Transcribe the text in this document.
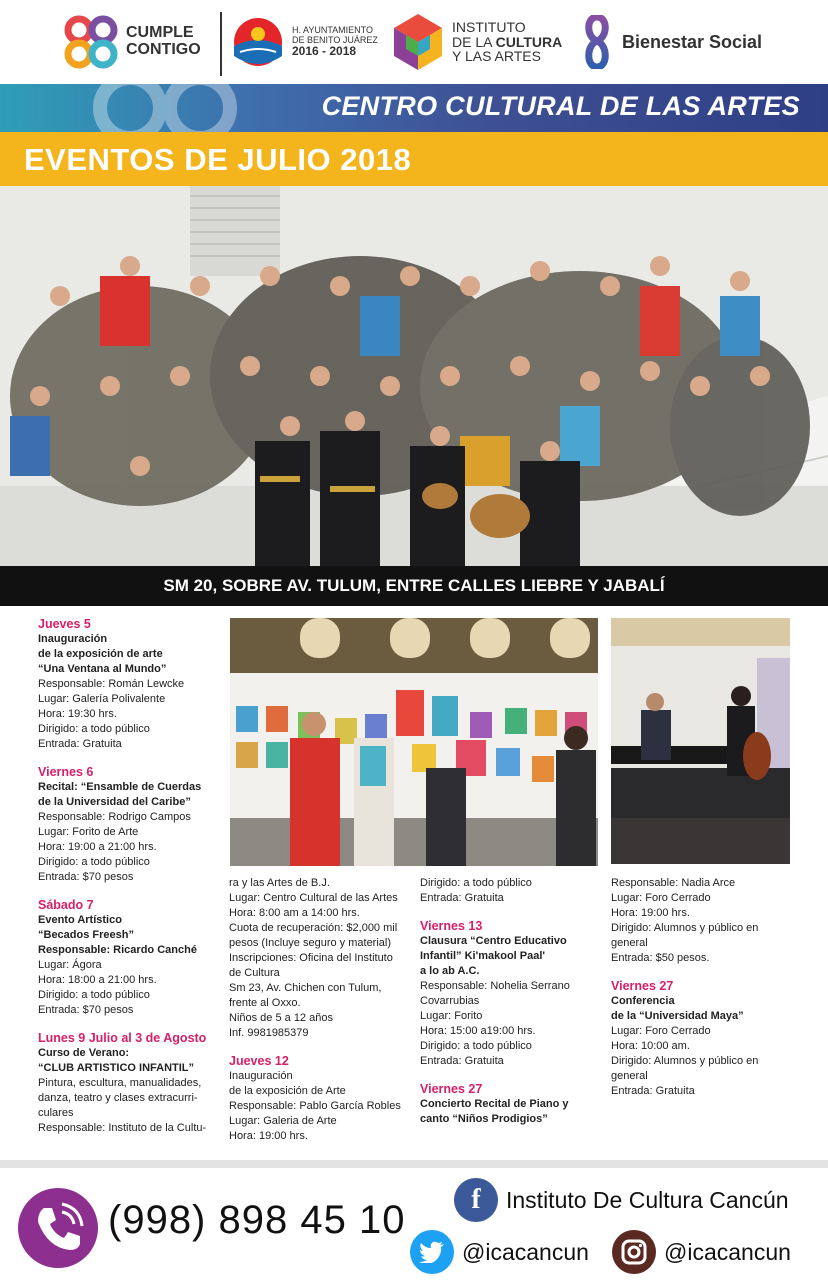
CUMPLE
CONTIGO
H. AYUNTAMIENTO
DE BENITO JUÁREZ
2016 - 2018
INSTITUTO
DE LA CULTURA
Y LAS ARTES
Bienestar Social
CENTRO CULTURAL DE LAS ARTES
EVENTOS DE JULIO 2018
SM 20, SOBRE AV. TULUM, ENTRE CALLES LIEBRE Y JABALÍ
Jueves 5
Inauguración
de la exposición de arte
“Una Ventana al Mundo”
Responsable: Román Lewcke
Lugar: Galería Polivalente
Hora: 19:30 hrs.
Dirigido: a todo público
Entrada: Gratuita
Viernes 6
Recital: “Ensamble de Cuerdas
de la Universidad del Caribe”
Responsable: Rodrigo Campos
Lugar: Forito de Arte
Hora: 19:00 a 21:00 hrs.
Dirigido: a todo público
Entrada: $70 pesos
Sábado 7
Evento Artístico
“Becados Freesh”
Responsable: Ricardo Canché
Lugar: Ágora
Hora: 18:00 a 21:00 hrs.
Dirigido: a todo público
Entrada: $70 pesos
Lunes 9 Julio al 3 de Agosto
Curso de Verano:
“CLUB ARTISTICO INFANTIL”
Pintura, escultura, manualidades,
danza, teatro y clases extracurri-
culares
Responsable: Instituto de la Cultu-
ra y las Artes de B.J.
Lugar: Centro Cultural de las Artes
Hora: 8:00 am a 14:00 hrs.
Cuota de recuperación: $2,000 mil
pesos (Incluye seguro y material)
Inscripciones: Oficina del Instituto
de Cultura
Sm 23, Av. Chichen con Tulum,
frente al Oxxo.
Niños de 5 a 12 años
Inf. 9981985379
Jueves 12
Inauguración
de la exposición de Arte
Responsable: Pablo García Robles
Lugar: Galeria de Arte
Hora: 19:00 hrs.
Dirigido: a todo público
Entrada: Gratuita
Viernes 13
Clausura “Centro Educativo
Infantil” Ki'makool Paal'
a lo ab A.C.
Responsable: Nohelia Serrano
Covarrubias
Lugar: Forito
Hora: 15:00 a19:00 hrs.
Dirigido: a todo público
Entrada: Gratuita
Viernes 27
Concierto Recital de Piano y
canto “Niños Prodigios”
Responsable: Nadia Arce
Lugar: Foro Cerrado
Hora: 19:00 hrs.
Dirigido: Alumnos y público en
general
Entrada: $50 pesos.
Viernes 27
Conferencia
de la “Universidad Maya”
Lugar: Foro Cerrado
Hora: 10:00 am.
Dirigido: Alumnos y público en
general
Entrada: Gratuita
(998) 898 45 10	f	Instituto De Cultura Cancún
@icacancun	@icacancun
